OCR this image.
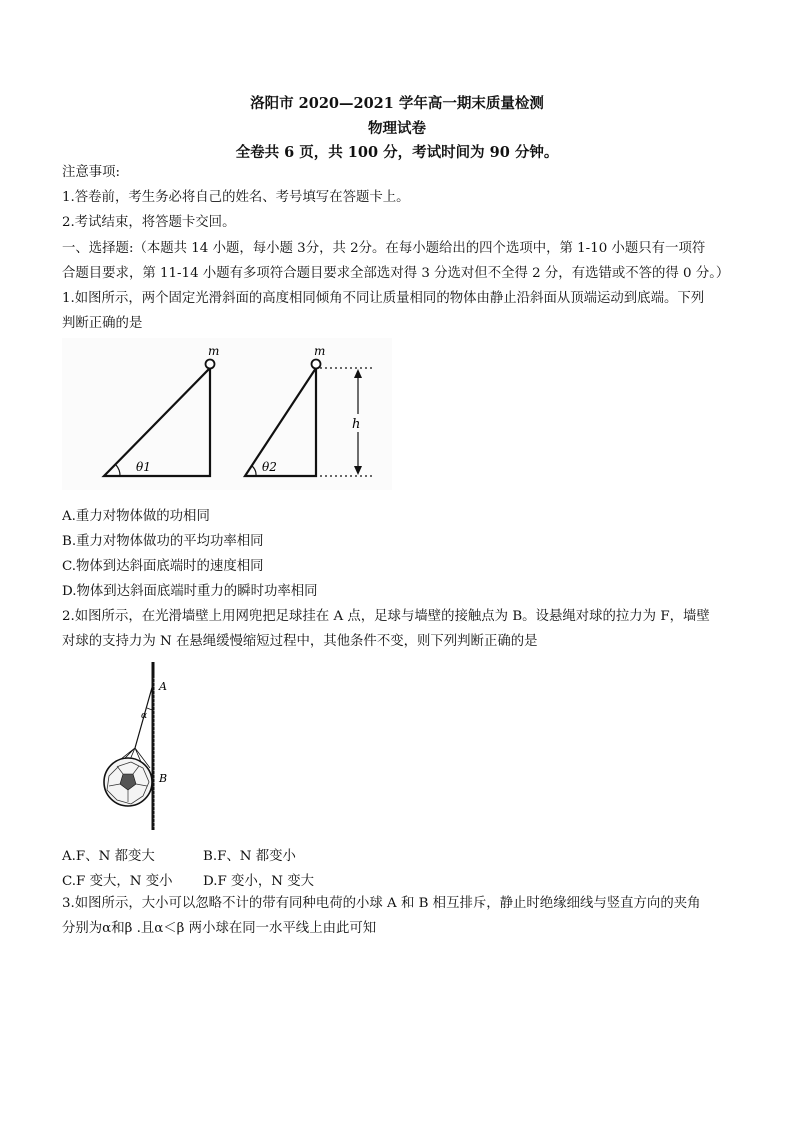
洛阳市 2020—2021 学年高一期末质量检测
物理试卷
全卷共 6 页，共 100 分，考试时间为 90 分钟。
注意事项:
1.答卷前，考生务必将自己的姓名、考号填写在答题卡上。
2.考试结束，将答题卡交回。
一、选择题:（本题共 14 小题，每小题 3分，共 2分。在每小题给出的四个选项中，第 1-10 小题只有一项符
合题目要求，第 11-14 小题有多项符合题目要求全部选对得 3 分选对但不全得 2 分，有选错或不答的得 0 分。）
1.如图所示，两个固定光滑斜面的高度相同倾角不同让质量相同的物体由静止沿斜面从顶端运动到底端。下列
判断正确的是
m
θ1
m
θ2
h
A.重力对物体做的功相同
B.重力对物体做功的平均功率相同
C.物体到达斜面底端时的速度相同
D.物体到达斜面底端时重力的瞬时功率相同
2.如图所示，在光滑墙壁上用网兜把足球挂在 A 点，足球与墙壁的接触点为 B。设悬绳对球的拉力为 F，墙壁
对球的支持力为 N 在悬绳缓慢缩短过程中，其他条件不变，则下列判断正确的是
α
A
B
A.F、N 都变大	B.F、N 都变小
C.F 变大，N 变小 D.F 变小，N 变大
3.如图所示，大小可以忽略不计的带有同种电荷的小球 A 和 B 相互排斥，静止时绝缘细线与竖直方向的夹角
分别为α和β .且α＜β 两小球在同一水平线上由此可知
